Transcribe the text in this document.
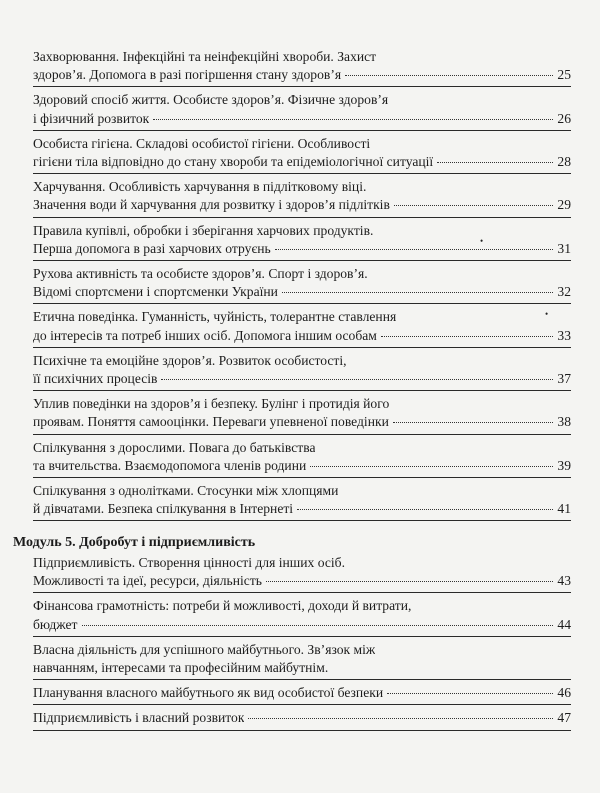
Захворювання. Інфекційні та неінфекційні хвороби. Захист
здоров’я. Допомога в разі погіршення стану здоров’я	25
Здоровий спосіб життя. Особисте здоров’я. Фізичне здоров’я
і фізичний розвиток	26
Особиста гігієна. Складові особистої гігієни. Особливості
гігієни тіла відповідно до стану хвороби та епідеміологічної ситуації	28
Харчування. Особливість харчування в підлітковому віці.
Значення води й харчування для розвитку і здоров’я підлітків	29
Правила купівлі, обробки і зберігання харчових продуктів.
Перша допомога в разі харчових отруєнь	31
Рухова активність та особисте здоров’я. Спорт і здоров’я.
Відомі спортсмени і спортсменки України	32
Етична поведінка. Гуманність, чуйність, толерантне ставлення
до інтересів та потреб інших осіб. Допомога іншим особам	33
Психічне та емоційне здоров’я. Розвиток особистості,
її психічних процесів	37
Уплив поведінки на здоров’я і безпеку. Булінг і протидія його
проявам. Поняття самооцінки. Переваги упевненої поведінки	38
Спілкування з дорослими. Повага до батьківства
та вчительства. Взаємодопомога членів родини	39
Спілкування з однолітками. Стосунки між хлопцями
й дівчатами. Безпека спілкування в Інтернеті	41
Модуль 5. Добробут і підприємливість
Підприємливість. Створення цінності для інших осіб.
Можливості та ідеї, ресурси, діяльність	43
Фінансова грамотність: потреби й можливості, доходи й витрати,
бюджет	44
Власна діяльність для успішного майбутнього. Зв’язок між
навчанням, інтересами та професійним майбутнім.
Планування власного майбутнього як вид особистої безпеки	46
Підприємливість і власний розвиток	47
•
•
